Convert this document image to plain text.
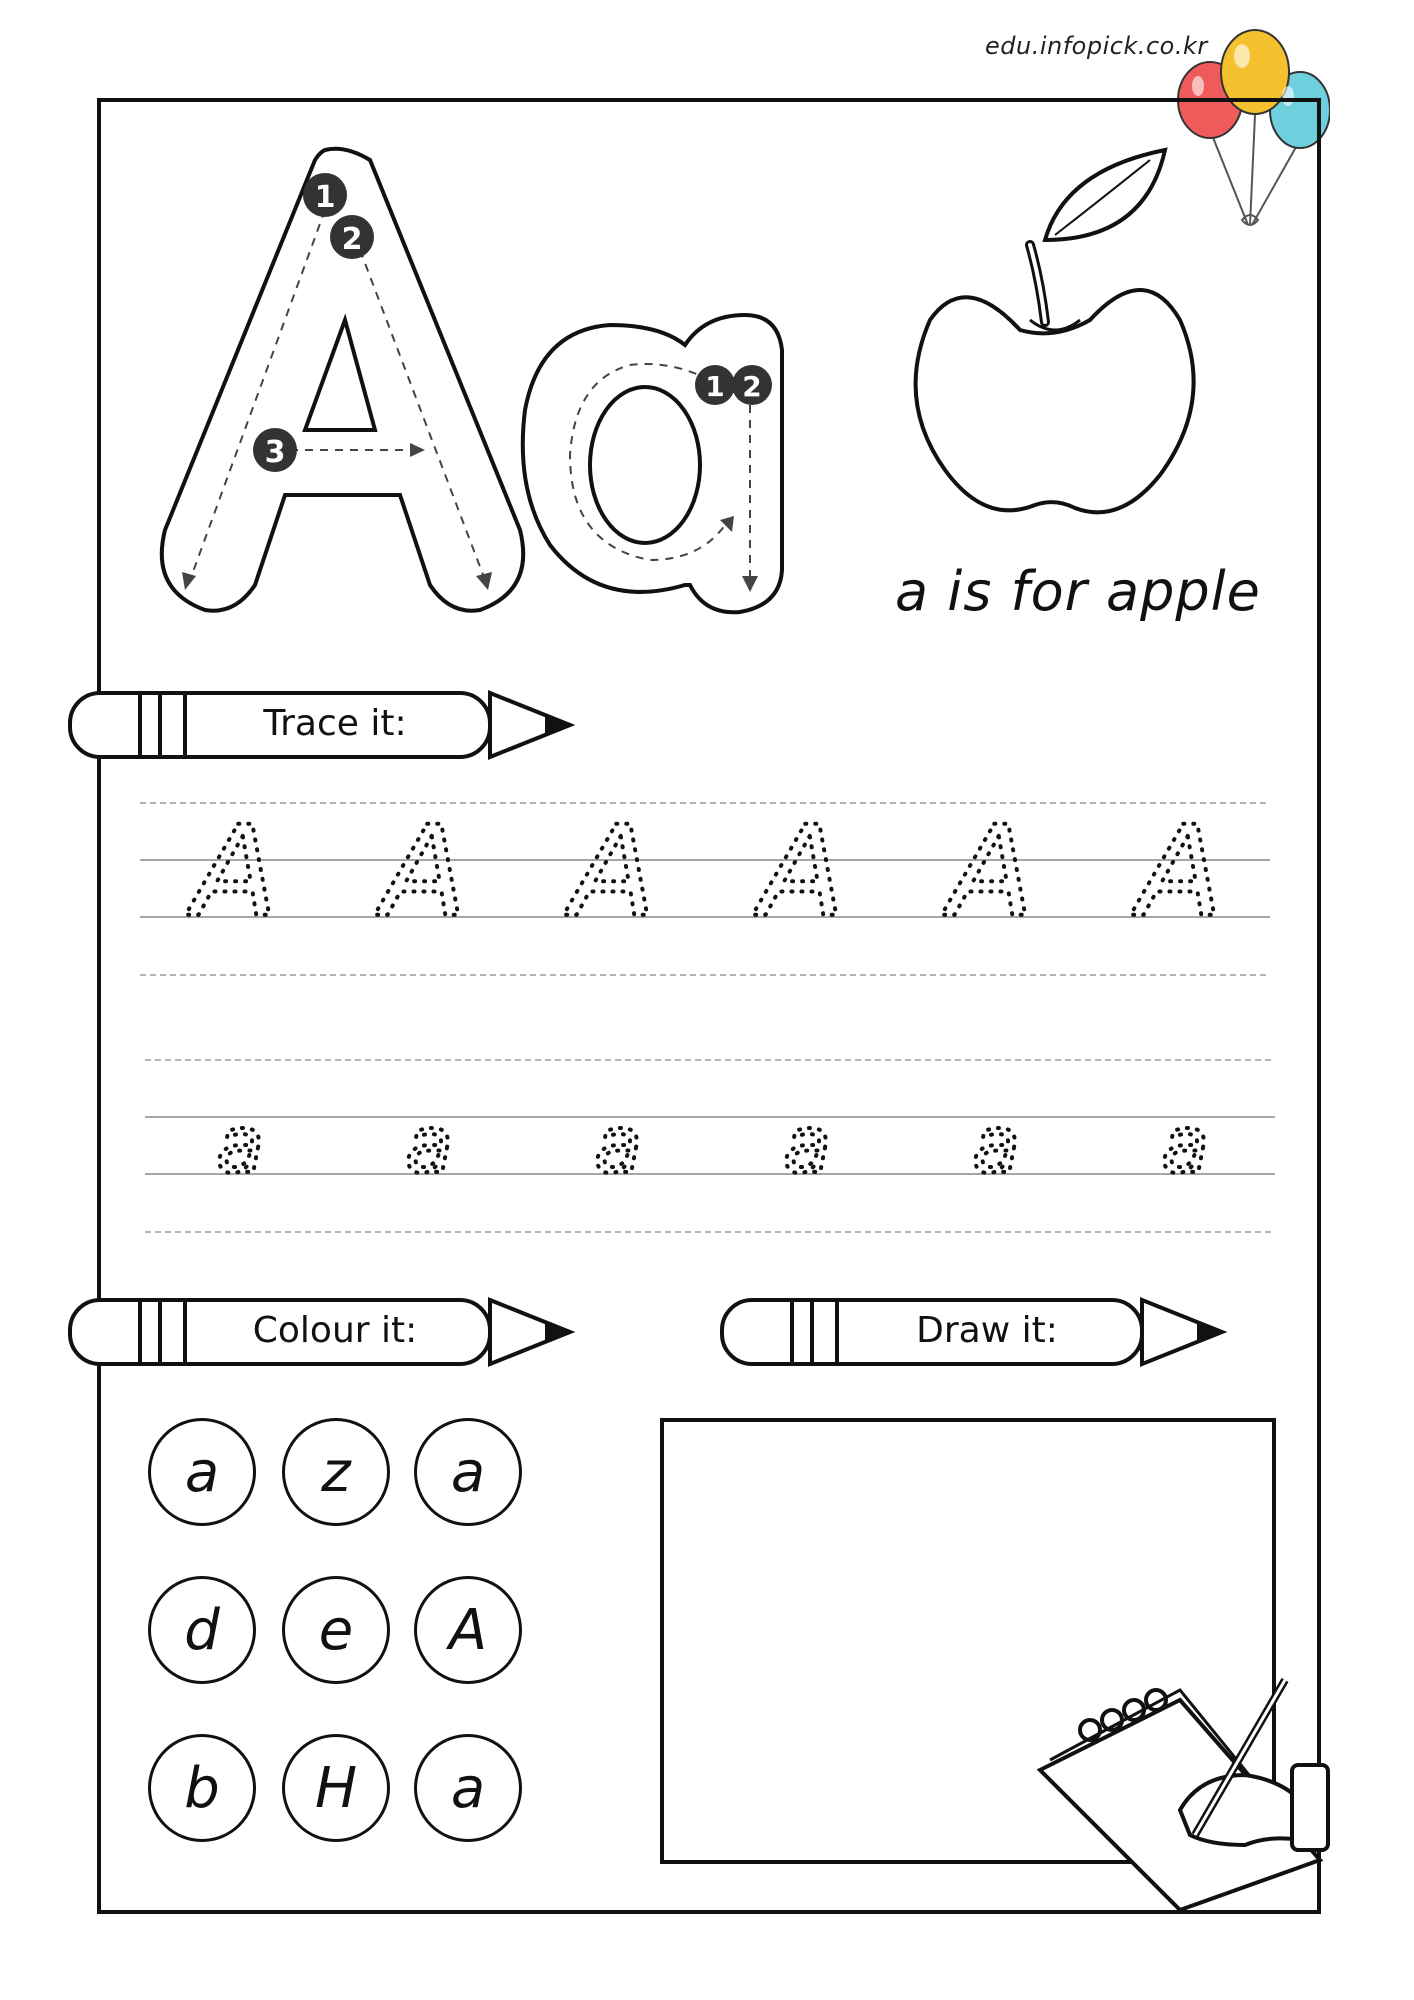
edu.infopick.co.kr
1
2
3
1 2
a is for apple
Trace it:
Colour it:	Draw it:
A A A A A A
a a a a a a
a	z	a
d	e	A
b	H	a
